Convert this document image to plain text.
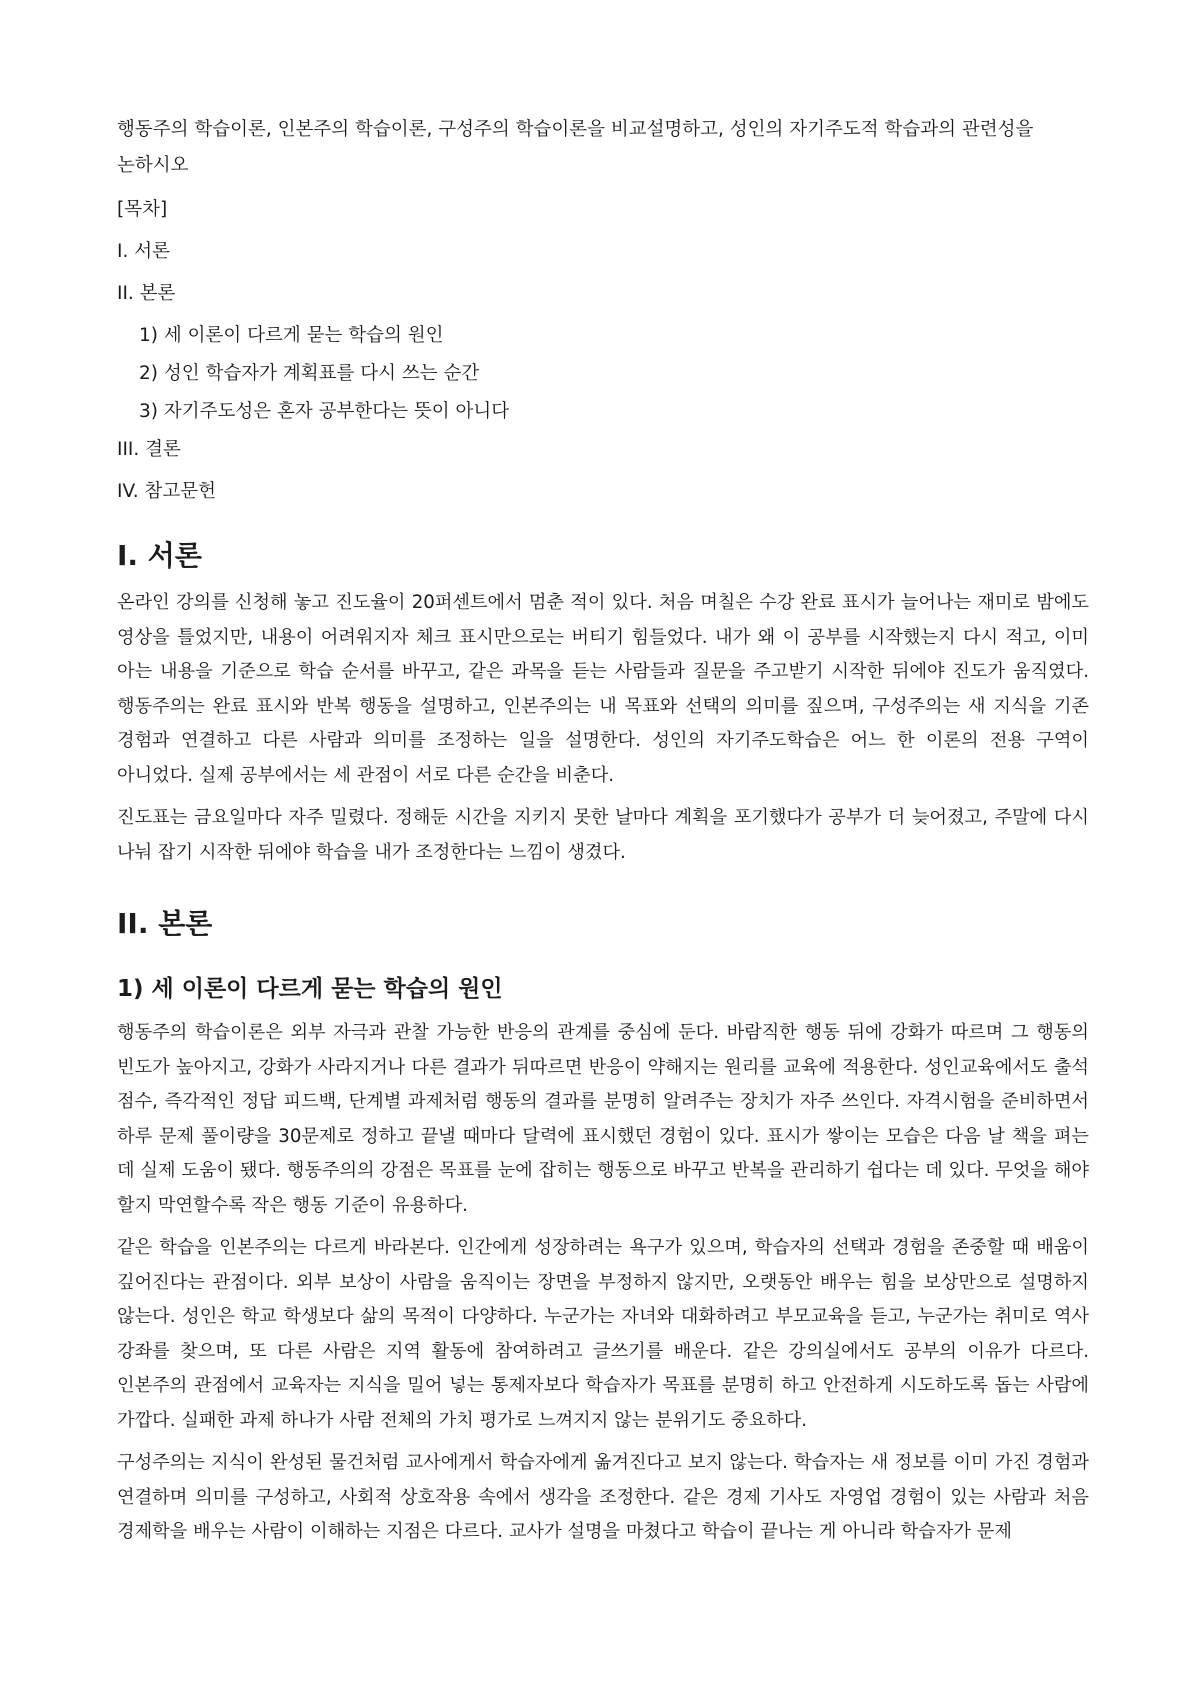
행동주의 학습이론, 인본주의 학습이론, 구성주의 학습이론을 비교설명하고, 성인의 자기주도적 학습과의 관련성을 논하시오
[목차]
I. 서론
II. 본론
1) 세 이론이 다르게 묻는 학습의 원인
2) 성인 학습자가 계획표를 다시 쓰는 순간
3) 자기주도성은 혼자 공부한다는 뜻이 아니다
III. 결론
IV. 참고문헌
I. 서론

온라인 강의를 신청해 놓고 진도율이 20퍼센트에서 멈춘 적이 있다. 처음 며칠은 수강 완료 표시가 늘어나는 재미로 밤에도 영상을 틀었지만, 내용이 어려워지자 체크 표시만으로는 버티기 힘들었다. 내가 왜 이 공부를 시작했는지 다시 적고, 이미 아는 내용을 기준으로 학습 순서를 바꾸고, 같은 과목을 듣는 사람들과 질문을 주고받기 시작한 뒤에야 진도가 움직였다. 행동주의는 완료 표시와 반복 행동을 설명하고, 인본주의는 내 목표와 선택의 의미를 짚으며, 구성주의는 새 지식을 기존 경험과 연결하고 다른 사람과 의미를 조정하는 일을 설명한다. 성인의 자기주도학습은 어느 한 이론의 전용 구역이 아니었다. 실제 공부에서는 세 관점이 서로 다른 순간을 비춘다.

진도표는 금요일마다 자주 밀렸다. 정해둔 시간을 지키지 못한 날마다 계획을 포기했다가 공부가 더 늦어졌고, 주말에 다시 나눠 잡기 시작한 뒤에야 학습을 내가 조정한다는 느낌이 생겼다.

II. 본론
1) 세 이론이 다르게 묻는 학습의 원인

행동주의 학습이론은 외부 자극과 관찰 가능한 반응의 관계를 중심에 둔다. 바람직한 행동 뒤에 강화가 따르며 그 행동의 빈도가 높아지고, 강화가 사라지거나 다른 결과가 뒤따르면 반응이 약해지는 원리를 교육에 적용한다. 성인교육에서도 출석 점수, 즉각적인 정답 피드백, 단계별 과제처럼 행동의 결과를 분명히 알려주는 장치가 자주 쓰인다. 자격시험을 준비하면서 하루 문제 풀이량을 30문제로 정하고 끝낼 때마다 달력에 표시했던 경험이 있다. 표시가 쌓이는 모습은 다음 날 책을 펴는 데 실제 도움이 됐다. 행동주의의 강점은 목표를 눈에 잡히는 행동으로 바꾸고 반복을 관리하기 쉽다는 데 있다. 무엇을 해야 할지 막연할수록 작은 행동 기준이 유용하다.

같은 학습을 인본주의는 다르게 바라본다. 인간에게 성장하려는 욕구가 있으며, 학습자의 선택과 경험을 존중할 때 배움이 깊어진다는 관점이다. 외부 보상이 사람을 움직이는 장면을 부정하지 않지만, 오랫동안 배우는 힘을 보상만으로 설명하지 않는다. 성인은 학교 학생보다 삶의 목적이 다양하다. 누군가는 자녀와 대화하려고 부모교육을 듣고, 누군가는 취미로 역사 강좌를 찾으며, 또 다른 사람은 지역 활동에 참여하려고 글쓰기를 배운다. 같은 강의실에서도 공부의 이유가 다르다. 인본주의 관점에서 교육자는 지식을 밀어 넣는 통제자보다 학습자가 목표를 분명히 하고 안전하게 시도하도록 돕는 사람에 가깝다. 실패한 과제 하나가 사람 전체의 가치 평가로 느껴지지 않는 분위기도 중요하다.

구성주의는 지식이 완성된 물건처럼 교사에게서 학습자에게 옮겨진다고 보지 않는다. 학습자는 새 정보를 이미 가진 경험과 연결하며 의미를 구성하고, 사회적 상호작용 속에서 생각을 조정한다. 같은 경제 기사도 자영업 경험이 있는 사람과 처음 경제학을 배우는 사람이 이해하는 지점은 다르다. 교사가 설명을 마쳤다고 학습이 끝나는 게 아니라 학습자가 문제
